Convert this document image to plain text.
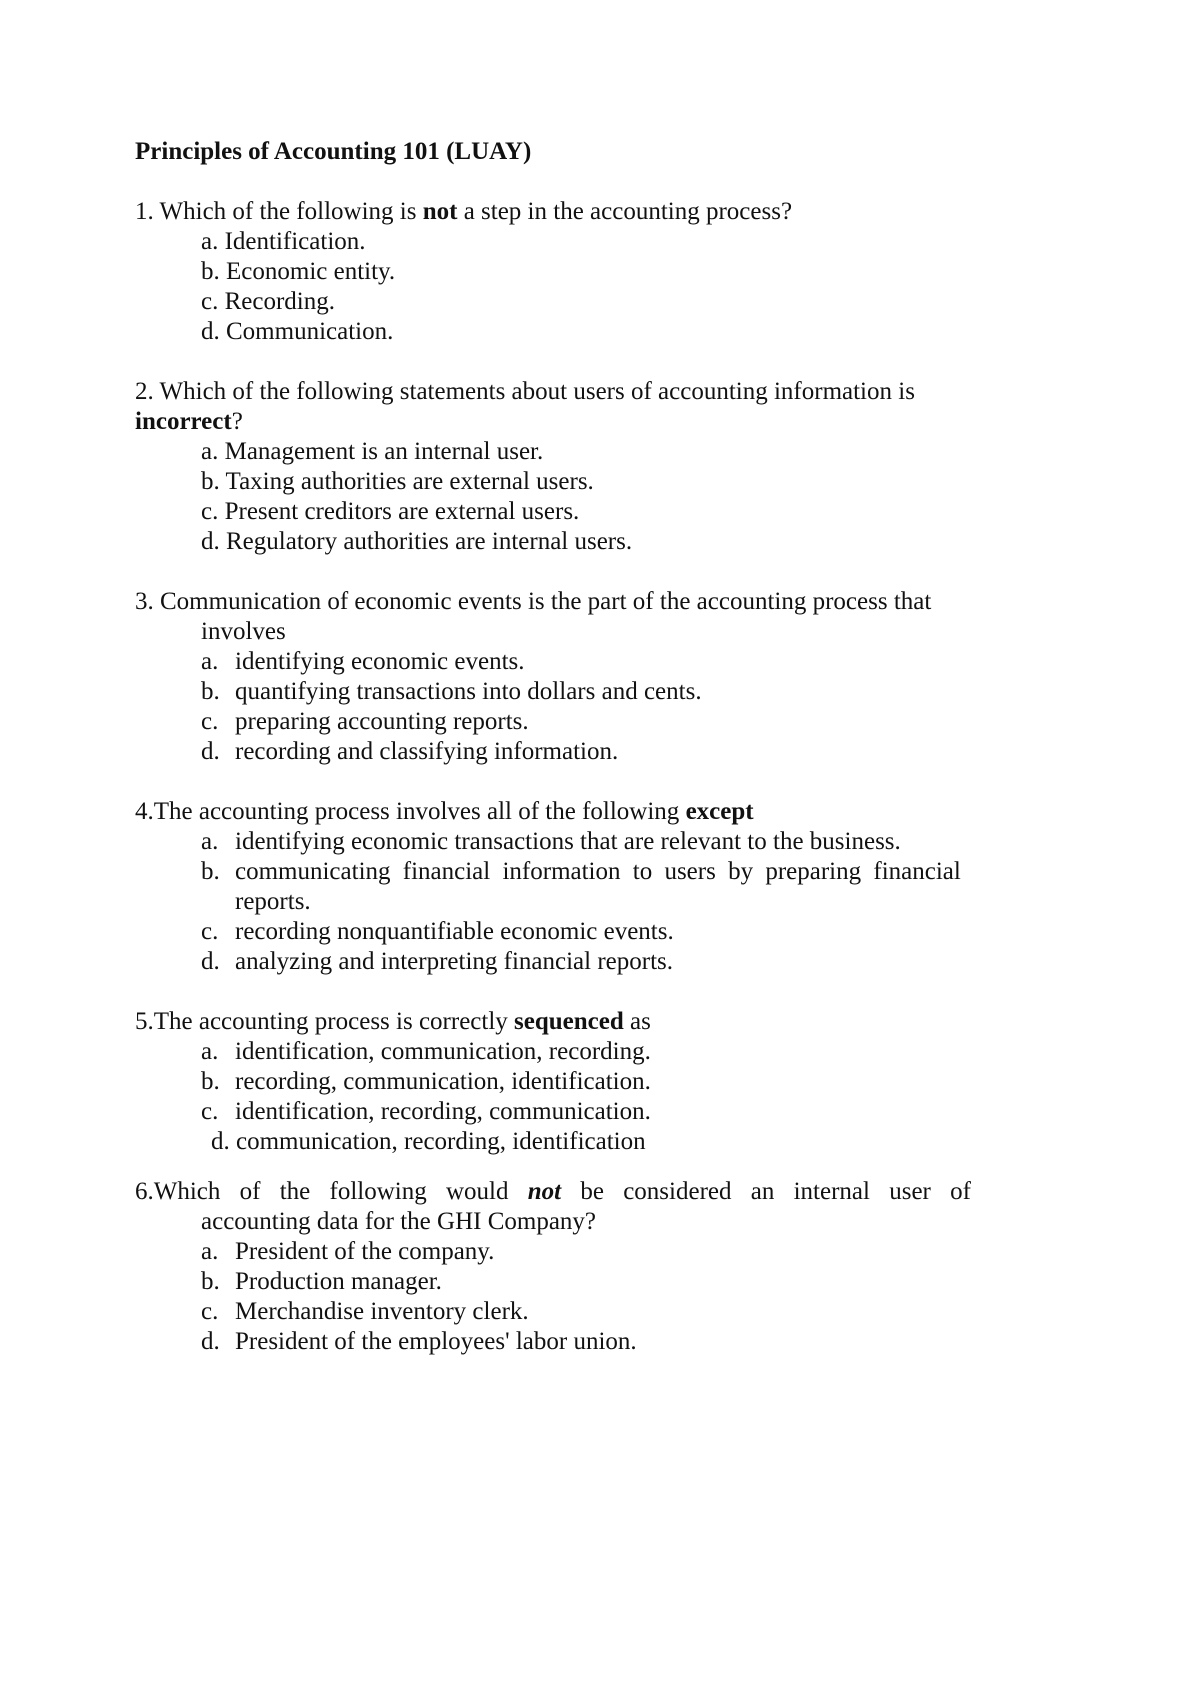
Principles of Accounting 101 (LUAY)
1. Which of the following is not a step in the accounting process?
a. Identification.
b. Economic entity.
c. Recording.
d. Communication.
2. Which of the following statements about users of accounting information is
incorrect?
a. Management is an internal user.
b. Taxing authorities are external users.
c. Present creditors are external users.
d. Regulatory authorities are internal users.
3. Communication of economic events is the part of the accounting process that
involves
a. identifying economic events.
b. quantifying transactions into dollars and cents.
c. preparing accounting reports.
d. recording and classifying information.
4.The accounting process involves all of the following except
a. identifying economic transactions that are relevant to the business.
b. communicating financial information to users by preparing financial
reports.
c. recording nonquantifiable economic events.
d. analyzing and interpreting financial reports.
5.The accounting process is correctly sequenced as
a. identification, communication, recording.
b. recording, communication, identification.
c. identification, recording, communication.
d. communication, recording, identification
6.Which of the following would not be considered an internal user of
accounting data for the GHI Company?
a. President of the company.
b. Production manager.
c. Merchandise inventory clerk.
d. President of the employees' labor union.
